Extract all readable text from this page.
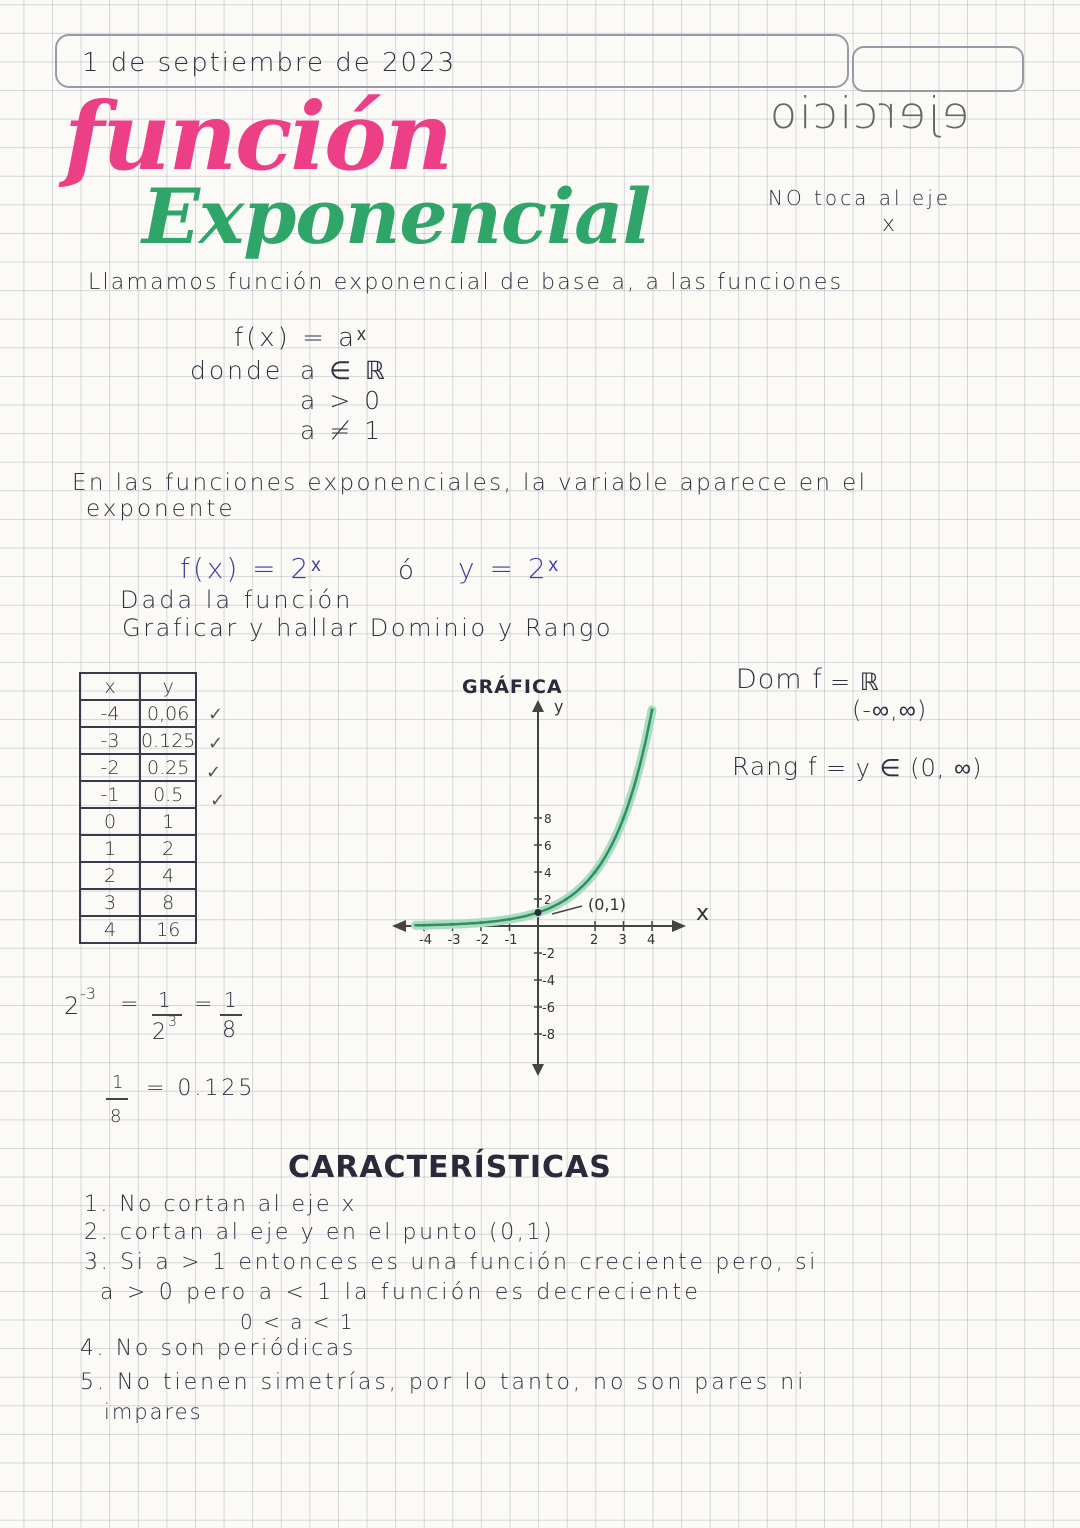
1 de septiembre de 2023
ejercicio
función
Exponencial	NO toca al eje
x
Llamamos función exponencial de base a, a las funciones
f(x) = aˣ
donde a ∈ ℝ
a > 0
a ≠ 1
En las funciones exponenciales, la variable aparece en el
exponente
f(x) = 2ˣ	ó y = 2ˣ
Dada la función
Graficar y hallar Dominio y Rango
x	y
-4	0,06
-3	0.125
-2	0.25
-1	0.5
0	1
1	2
2	4
3	8
4	16
✓
✓
✓
✓
2 -3 = 1
2 3
= 1
8
1
8
= 0.125
GRÁFICA
y
x
-4 -3 -2 -1	2 3 4
8
6
4
2
-2
-4
-6
-8
(0,1)
Dom f = ℝ
(-∞,∞)
Rang f = y ∈ (0, ∞)
CARACTERÍSTICAS
1. No cortan al eje x
2. cortan al eje y en el punto (0,1)
3. Si a > 1 entonces es una función creciente pero, si
a > 0 pero a < 1 la función es decreciente
0 < a < 1
4. No son periódicas
5. No tienen simetrías, por lo tanto, no son pares ni
impares
